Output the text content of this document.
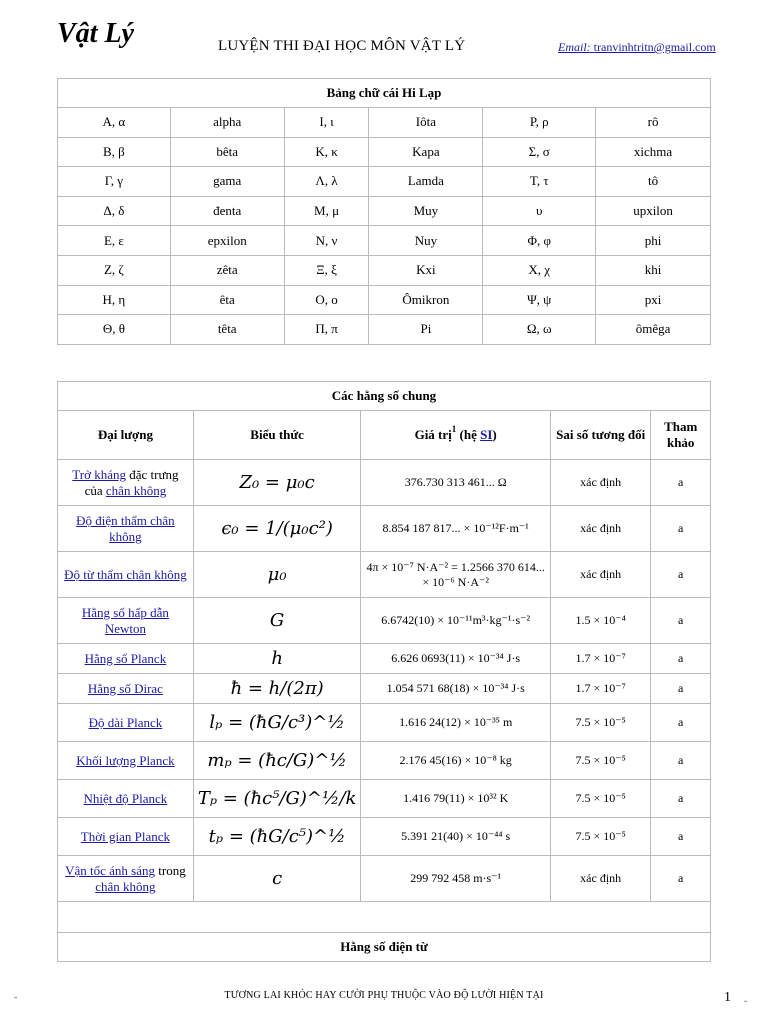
Vật Lý	LUYỆN THI ĐẠI HỌC MÔN VẬT LÝ	Email: tranvinhtritn@gmail.com
Bảng chữ cái Hi Lạp					
Α, α	alpha	Ι, ι	Iôta	Ρ, ρ	rô
Β, β	bêta	Κ, κ	Kapa	Σ, σ	xichma
Γ, γ	gama	Λ, λ	Lamda	Τ, τ	tô
Δ, δ	đenta	Μ, μ	Muy	υ	upxilon
Ε, ε	epxilon	Ν, ν	Nuy	Φ, φ	phi
Ζ, ζ	zêta	Ξ, ξ	Kxi	Χ, χ	khi
Η, η	êta	Ο, ο	Ômikron	Ψ, ψ	pxi
Θ, θ	têta	Π, π	Pi	Ω, ω	ômêga
Các hằng số chung				
Đại lượng	Biểu thức	Giá trị$^1$ (hệ SI)	Sai số tương đối	Tham khảo
Trở kháng đặc trưng của chân không	Z₀ = μ₀c	376.730 313 461... Ω	xác định	a
Độ điện thẩm chân không	ϵ₀ = 1/(μ₀c²)	8.854 187 817... × 10⁻¹²F·m⁻¹	xác định	a
Độ từ thẩm chân không	μ₀	4π × 10⁻⁷ N·A⁻² = 1.2566 370 614... × 10⁻⁶ N·A⁻²	xác định	a
Hằng số hấp dẫn Newton	G	6.6742(10) × 10⁻¹¹m³·kg⁻¹·s⁻²	1.5 × 10⁻⁴	a
Hằng số Planck	h	6.626 0693(11) × 10⁻³⁴ J·s	1.7 × 10⁻⁷	a
Hằng số Dirac	ħ = h/(2π)	1.054 571 68(18) × 10⁻³⁴ J·s	1.7 × 10⁻⁷	a
Độ dài Planck	lₚ = (ħG/c³)^½	1.616 24(12) × 10⁻³⁵ m	7.5 × 10⁻⁵	a
Khối lượng Planck	mₚ = (ħc/G)^½	2.176 45(16) × 10⁻⁸ kg	7.5 × 10⁻⁵	a
Nhiệt độ Planck	Tₚ = (ħc⁵/G)^½/k	1.416 79(11) × 10³² K	7.5 × 10⁻⁵	a
Thời gian Planck	tₚ = (ħG/c⁵)^½	5.391 21(40) × 10⁻⁴⁴ s	7.5 × 10⁻⁵	a
Vận tốc ánh sáng trong chân không	c	299 792 458 m·s⁻¹	xác định	a

Hằng số điện từ				
˘
TƯƠNG LAI KHÓC HAY CƯỜI PHỤ THUỘC VÀO ĐỘ LƯỜI HIỆN TẠI	1
˘
